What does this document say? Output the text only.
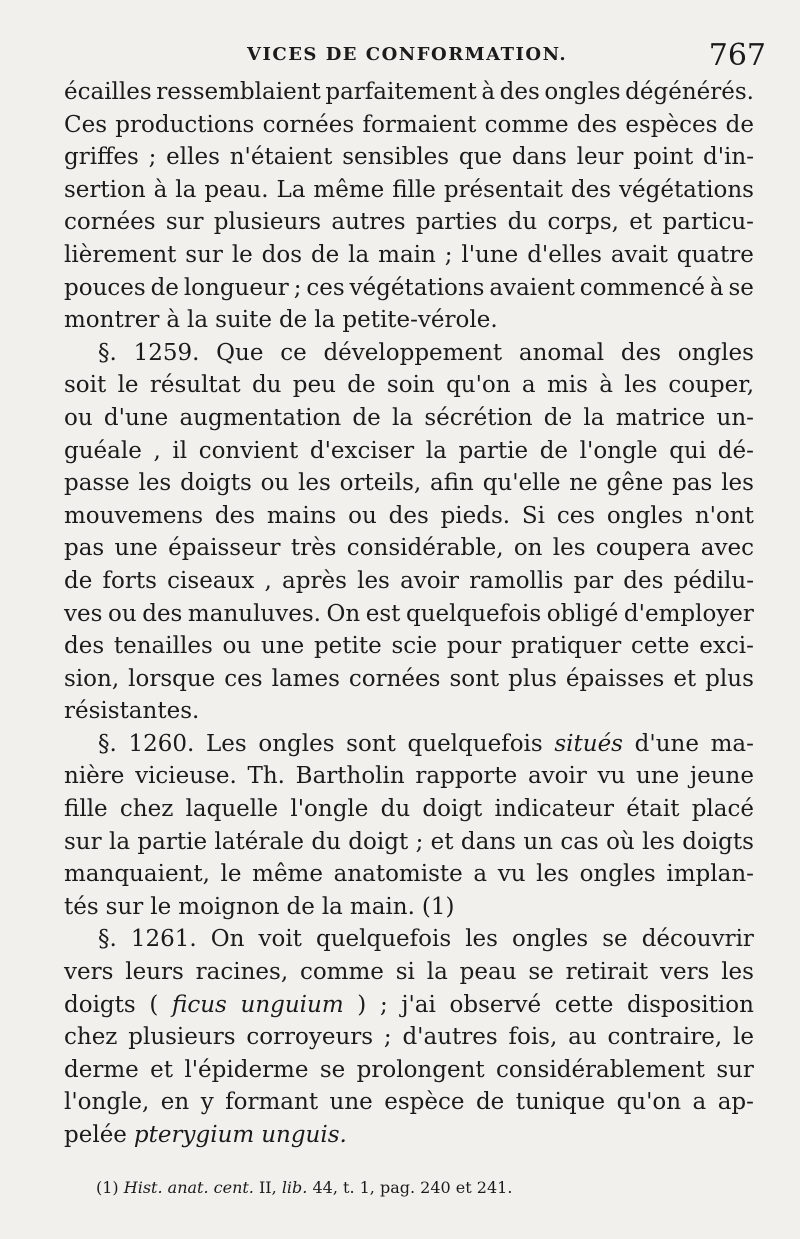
VICES DE CONFORMATION.	767
écailles ressemblaient parfaitement à des ongles dégénérés.
Ces productions cornées formaient comme des espèces de
griffes ; elles n'étaient sensibles que dans leur point d'in-
sertion à la peau. La même fille présentait des végétations
cornées sur plusieurs autres parties du corps, et particu-
lièrement sur le dos de la main ; l'une d'elles avait quatre
pouces de longueur ; ces végétations avaient commencé à se
montrer à la suite de la petite-vérole.
§. 1259. Que ce développement anomal des ongles
soit le résultat du peu de soin qu'on a mis à les couper,
ou d'une augmentation de la sécrétion de la matrice un-
guéale , il convient d'exciser la partie de l'ongle qui dé-
passe les doigts ou les orteils, afin qu'elle ne gêne pas les
mouvemens des mains ou des pieds. Si ces ongles n'ont
pas une épaisseur très considérable, on les coupera avec
de forts ciseaux , après les avoir ramollis par des pédilu-
ves ou des manuluves. On est quelquefois obligé d'employer
des tenailles ou une petite scie pour pratiquer cette exci-
sion, lorsque ces lames cornées sont plus épaisses et plus
résistantes.
§. 1260. Les ongles sont quelquefois situés d'une ma-
nière vicieuse. Th. Bartholin rapporte avoir vu une jeune
fille chez laquelle l'ongle du doigt indicateur était placé
sur la partie latérale du doigt ; et dans un cas où les doigts
manquaient, le même anatomiste a vu les ongles implan-
tés sur le moignon de la main. (1)
§. 1261. On voit quelquefois les ongles se découvrir
vers leurs racines, comme si la peau se retirait vers les
doigts ( ficus unguium ) ; j'ai observé cette disposition
chez plusieurs corroyeurs ; d'autres fois, au contraire, le
derme et l'épiderme se prolongent considérablement sur
l'ongle, en y formant une espèce de tunique qu'on a ap-
pelée pterygium unguis.
(1) Hist. anat. cent. II, lib. 44, t. 1, pag. 240 et 241.
